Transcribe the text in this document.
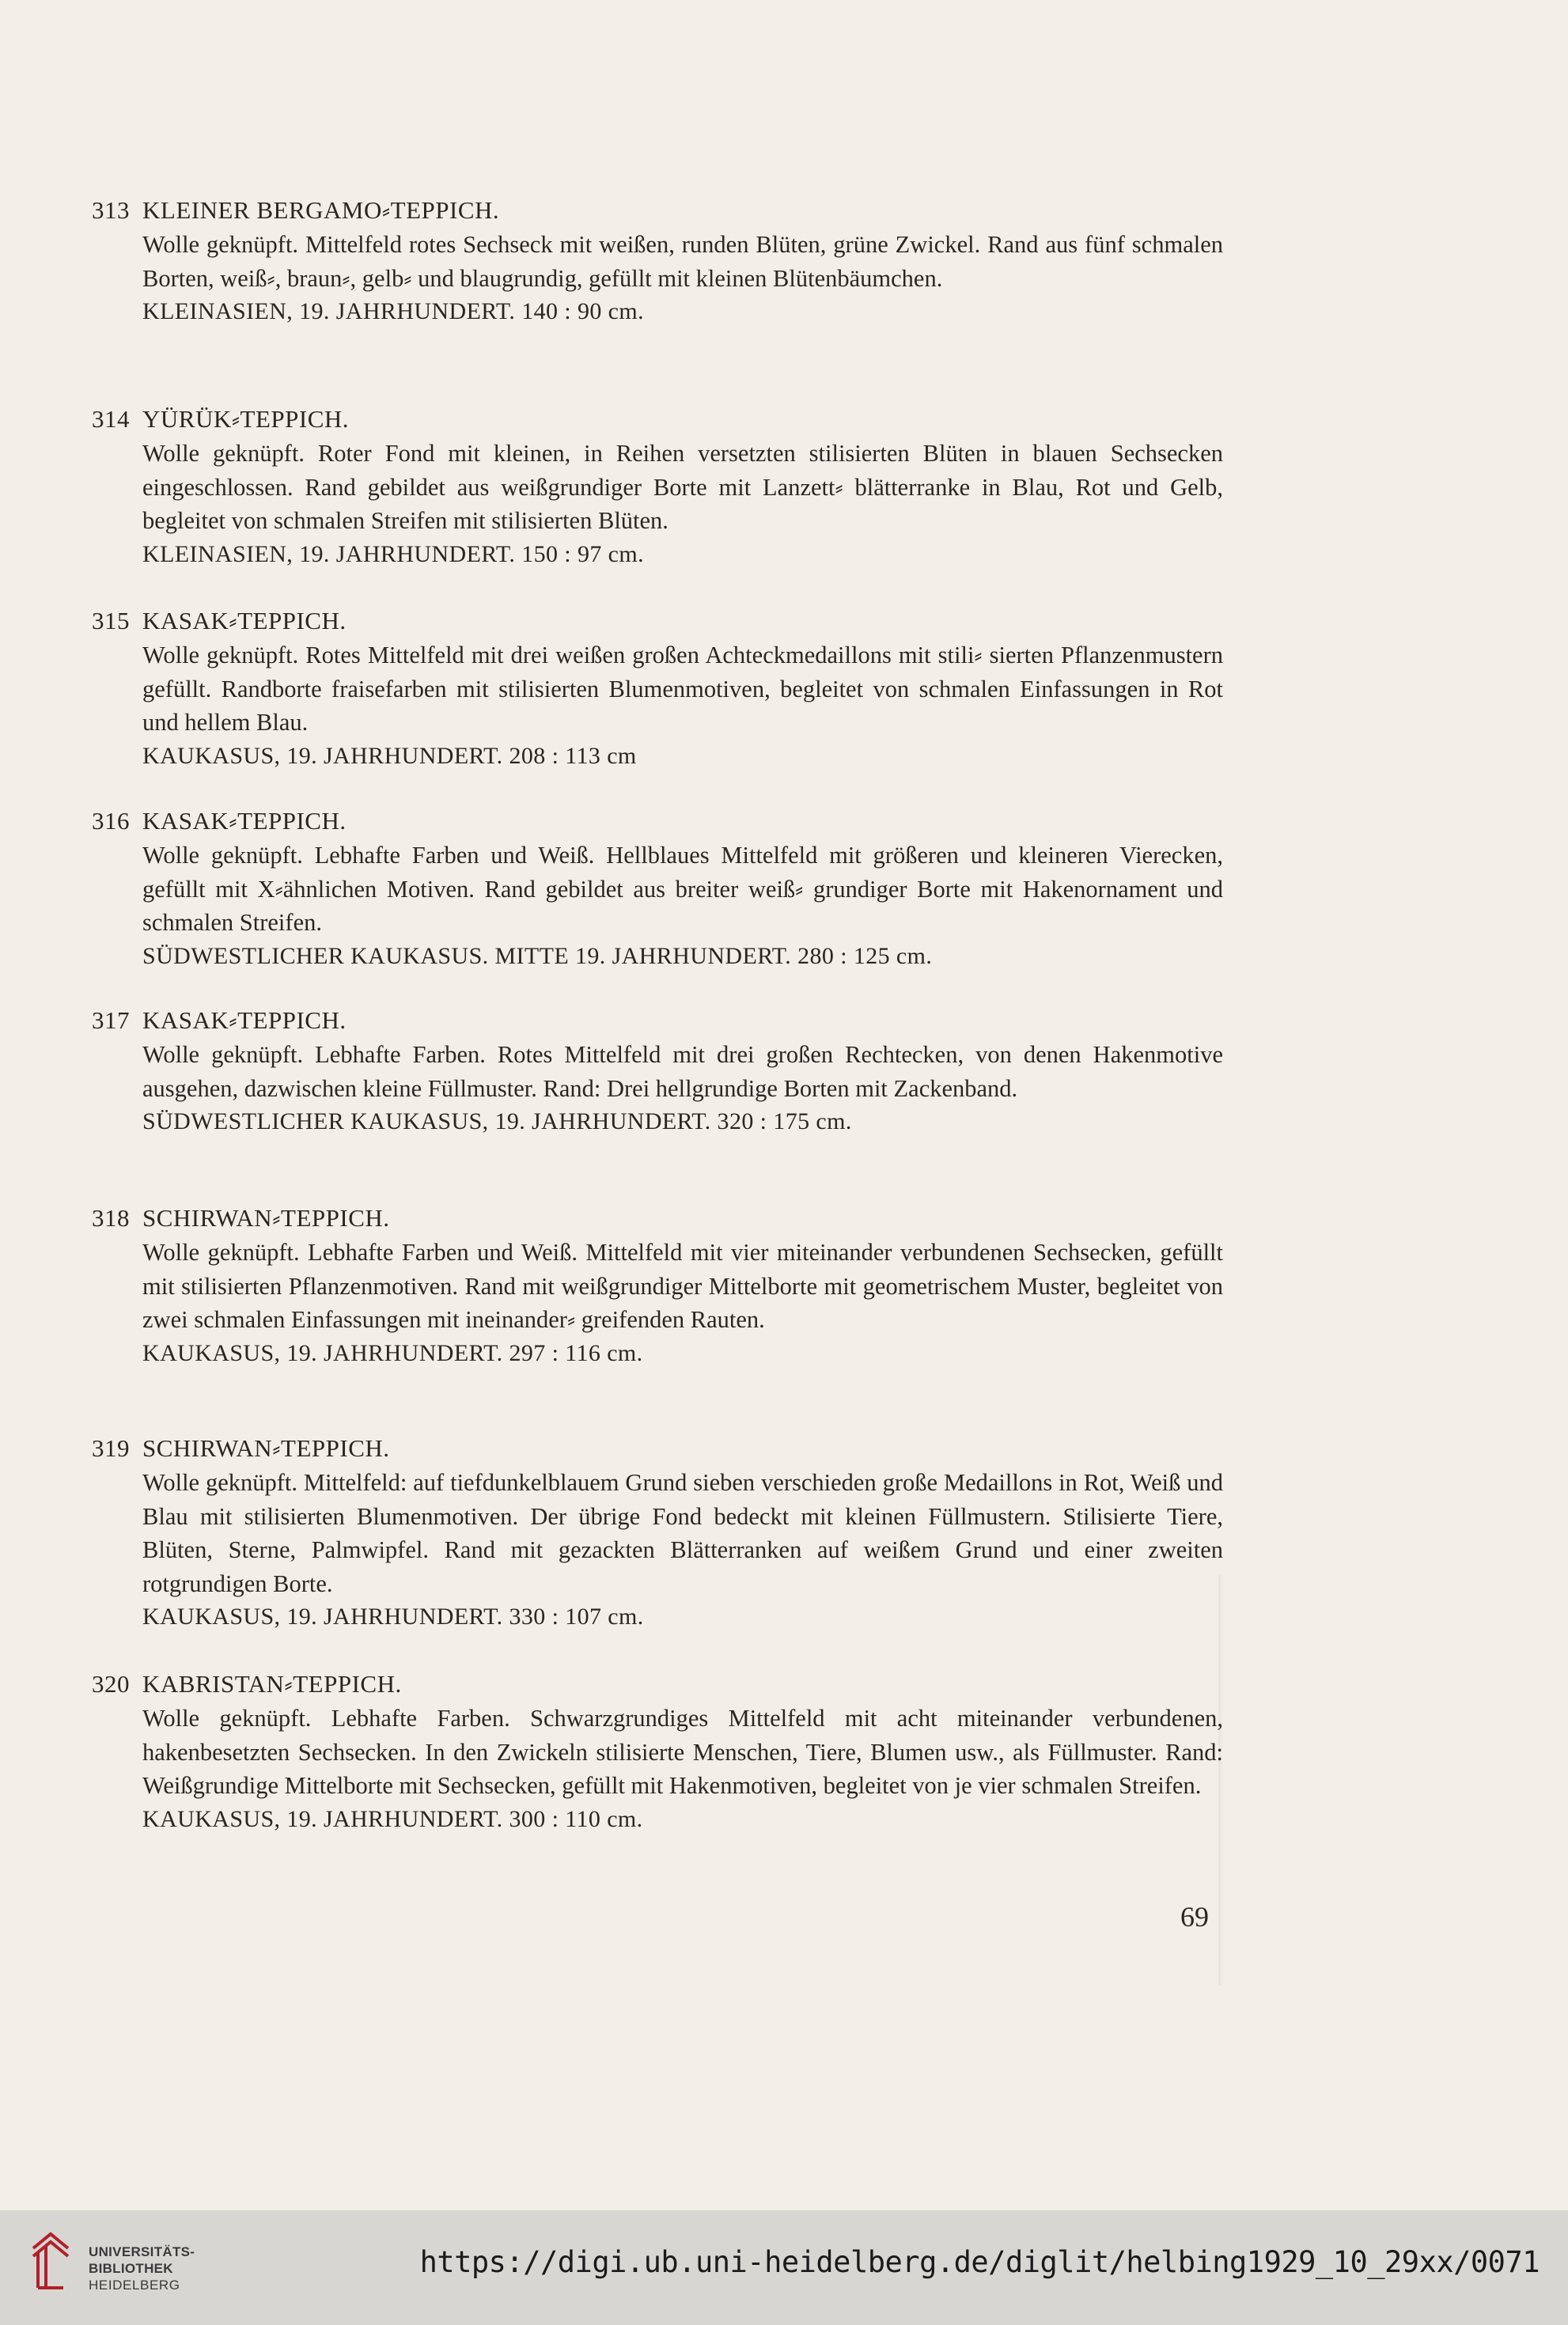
313 KLEINER BERGAMO⸗TEPPICH.
Wolle geknüpft. Mittelfeld rotes Sechseck mit weißen, runden Blüten, grüne Zwickel. Rand aus fünf schmalen Borten, weiß⸗, braun⸗, gelb⸗ und blaugrundig, gefüllt mit kleinen Blütenbäumchen.
KLEINASIEN, 19. JAHRHUNDERT. 140 : 90 cm.
314 YÜRÜK⸗TEPPICH.
Wolle geknüpft. Roter Fond mit kleinen, in Reihen versetzten stilisierten Blüten in blauen Sechsecken eingeschlossen. Rand gebildet aus weißgrundiger Borte mit Lanzett⸗ blätterranke in Blau, Rot und Gelb, begleitet von schmalen Streifen mit stilisierten Blüten.
KLEINASIEN, 19. JAHRHUNDERT. 150 : 97 cm.
315 KASAK⸗TEPPICH.
Wolle geknüpft. Rotes Mittelfeld mit drei weißen großen Achteckmedaillons mit stili⸗ sierten Pflanzenmustern gefüllt. Randborte fraisefarben mit stilisierten Blumenmotiven, begleitet von schmalen Einfassungen in Rot und hellem Blau.
KAUKASUS, 19. JAHRHUNDERT. 208 : 113 cm
316 KASAK⸗TEPPICH.
Wolle geknüpft. Lebhafte Farben und Weiß. Hellblaues Mittelfeld mit größeren und kleineren Vierecken, gefüllt mit X⸗ähnlichen Motiven. Rand gebildet aus breiter weiß⸗ grundiger Borte mit Hakenornament und schmalen Streifen.
SÜDWESTLICHER KAUKASUS. MITTE 19. JAHRHUNDERT. 280 : 125 cm.
317 KASAK⸗TEPPICH.
Wolle geknüpft. Lebhafte Farben. Rotes Mittelfeld mit drei großen Rechtecken, von denen Hakenmotive ausgehen, dazwischen kleine Füllmuster. Rand: Drei hellgrundige Borten mit Zackenband.
SÜDWESTLICHER KAUKASUS, 19. JAHRHUNDERT. 320 : 175 cm.
318 SCHIRWAN⸗TEPPICH.
Wolle geknüpft. Lebhafte Farben und Weiß. Mittelfeld mit vier miteinander verbundenen Sechsecken, gefüllt mit stilisierten Pflanzenmotiven. Rand mit weißgrundiger Mittelborte mit geometrischem Muster, begleitet von zwei schmalen Einfassungen mit ineinander⸗ greifenden Rauten.
KAUKASUS, 19. JAHRHUNDERT. 297 : 116 cm.
319 SCHIRWAN⸗TEPPICH.
Wolle geknüpft. Mittelfeld: auf tiefdunkelblauem Grund sieben verschieden große Medaillons in Rot, Weiß und Blau mit stilisierten Blumenmotiven. Der übrige Fond bedeckt mit kleinen Füllmustern. Stilisierte Tiere, Blüten, Sterne, Palmwipfel. Rand mit gezackten Blätterranken auf weißem Grund und einer zweiten rotgrundigen Borte.
KAUKASUS, 19. JAHRHUNDERT. 330 : 107 cm.
320 KABRISTAN⸗TEPPICH.
Wolle geknüpft. Lebhafte Farben. Schwarzgrundiges Mittelfeld mit acht miteinander verbundenen, hakenbesetzten Sechsecken. In den Zwickeln stilisierte Menschen, Tiere, Blumen usw., als Füllmuster. Rand: Weißgrundige Mittelborte mit Sechsecken, gefüllt mit Hakenmotiven, begleitet von je vier schmalen Streifen.
KAUKASUS, 19. JAHRHUNDERT. 300 : 110 cm.
69
UNIVERSITÄTS-
BIBLIOTHEK
HEIDELBERG
https://digi.ub.uni-heidelberg.de/diglit/helbing1929_10_29xx/0071
